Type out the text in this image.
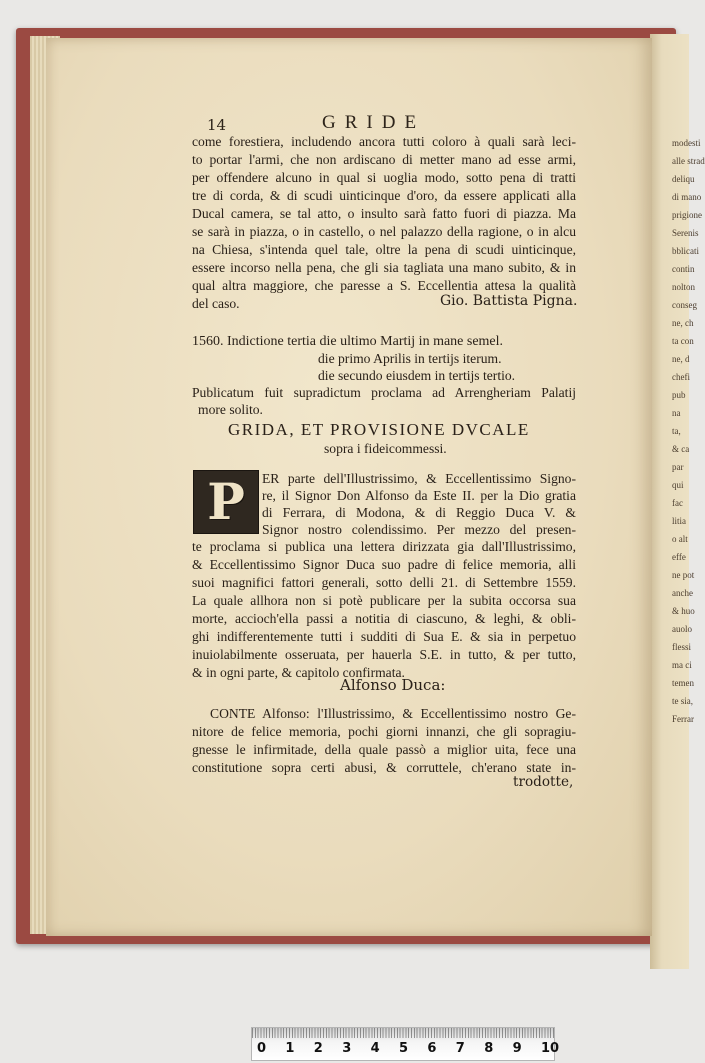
modesti
alle strad
deliqu
di mano
prigione
Serenis
bblicati
contin
nolton
conseg
ne, ch
ta con
ne, d
chefi
pub
na
ta,
& ca
par
qui
fac
litia
o alt
effe
ne pot
anche
& huo
auolo
flessi
ma ci
temen
te sia,
Ferrar
14	GRIDE
come forestiera, includendo ancora tutti coloro à quali sarà leci-
to portar l'armi, che non ardiscano di metter mano ad esse armi,
per offendere alcuno in qual si uoglia modo, sotto pena di tratti
tre di corda, & di scudi uinticinque d'oro, da essere applicati alla
Ducal camera, se tal atto, o insulto sarà fatto fuori di piazza. Ma
se sarà in piazza, o in castello, o nel palazzo della ragione, o in alcu
na Chiesa, s'intenda quel tale, oltre la pena di scudi uinticinque,
essere incorso nella pena, che gli sia tagliata una mano subito, & in
qual altra maggiore, che paresse a S. Eccellentia attesa la qualità
del caso.	Gio. Battista Pigna.
1560. Indictione tertia die ultimo Martij in mane semel.
die primo Aprilis in tertijs iterum.
die secundo eiusdem in tertijs tertio.
Publicatum fuit supradictum proclama ad Arrengheriam Palatij
more solito.
GRIDA, ET PROVISIONE DVCALE
sopra i fideicommessi.
P	ER parte dell'Illustrissimo, & Eccellentissimo Signo-
re, il Signor Don Alfonso da Este II. per la Dio gratia
di Ferrara, di Modona, & di Reggio Duca V. &
Signor nostro colendissimo. Per mezzo del presen-
te proclama si publica una lettera dirizzata gia dall'Illustrissimo,
& Eccellentissimo Signor Duca suo padre di felice memoria, alli
suoi magnifici fattori generali, sotto delli 21. di Settembre 1559.
La quale allhora non si potè publicare per la subita occorsa sua
morte, accioch'ella passi a notitia di ciascuno, & leghi, & obli-
ghi indifferentemente tutti i sudditi di Sua E. & sia in perpetuo
inuiolabilmente osseruata, per hauerla S.E. in tutto, & per tutto,
& in ogni parte, & capitolo confirmata.
Alfonso Duca:
CONTE Alfonso: l'Illustrissimo, & Eccellentissimo nostro Ge-
nitore de felice memoria, pochi giorni innanzi, che gli sopragiu-
gnesse le infirmitade, della quale passò a miglior uita, fece una
constitutione sopra certi abusi, & corruttele, ch'erano state in-
trodotte,
0 1 2 3 4 5 6 7 8 9 10
